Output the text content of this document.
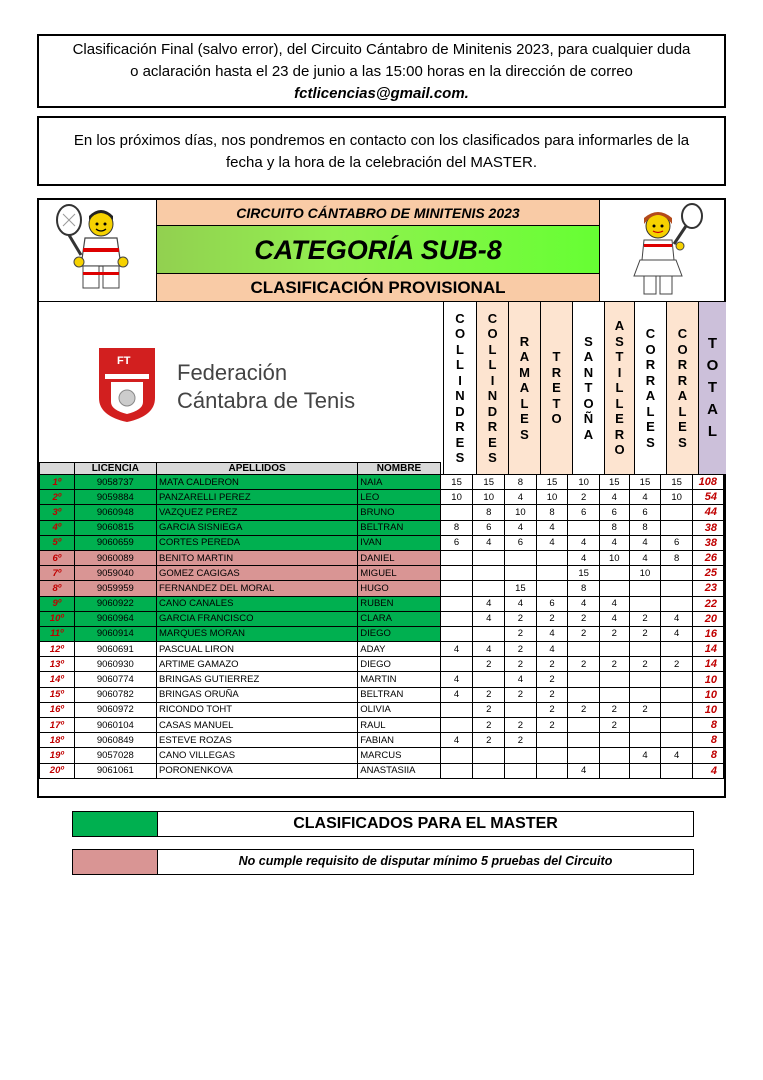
Clasificación Final (salvo error), del Circuito Cántabro de Minitenis 2023, para cualquier duda
o aclaración hasta el 23 de junio a las 15:00 horas en la dirección de correo
fctlicencias@gmail.com.
En los próximos días, nos pondremos en contacto con los clasificados para informarles de la
fecha y la hora de la celebración del MASTER.
CIRCUITO CÁNTABRO DE MINITENIS 2023
CATEGORÍA SUB-8
CLASIFICACIÓN PROVISIONAL
FT Federación
Cántabra de Tenis
C
O
L
L
I
N
D
R
E
S
C
O
L
L
I
N
D
R
E
S
R
A
M
A
L
E
S
T
R
E
T
O
S
A
N
T
O
Ñ
A
A
S
T
I
L
L
E
R
O
C
O
R
R
A
L
E
S
C
O
R
R
A
L
E
S
T
O
T
A
L
	LICENCIA	APELLIDOS	NOMBRE									
1º	9058737	MATA CALDERON	NAIA	15	15	8	15	10	15	15	15	108
2º	9059884	PANZARELLI PEREZ	LEO	10	10	4	10	2	4	4	10	54
3º	9060948	VAZQUEZ PEREZ	BRUNO		8	10	8	6	6	6		44
4º	9060815	GARCIA SISNIEGA	BELTRAN	8	6	4	4		8	8		38
5º	9060659	CORTES PEREDA	IVAN	6	4	6	4	4	4	4	6	38
6º	9060089	BENITO MARTIN	DANIEL					4	10	4	8	26
7º	9059040	GOMEZ CAGIGAS	MIGUEL					15		10		25
8º	9059959	FERNANDEZ DEL MORAL	HUGO			15		8				23
9º	9060922	CANO CANALES	RUBEN		4	4	6	4	4			22
10º	9060964	GARCIA FRANCISCO	CLARA		4	2	2	2	4	2	4	20
11º	9060914	MARQUES MORAN	DIEGO			2	4	2	2	2	4	16
12º	9060691	PASCUAL LIRON	ADAY	4	4	2	4					14
13º	9060930	ARTIME GAMAZO	DIEGO		2	2	2	2	2	2	2	14
14º	9060774	BRINGAS GUTIERREZ	MARTIN	4		4	2					10
15º	9060782	BRINGAS ORUÑA	BELTRAN	4	2	2	2					10
16º	9060972	RICONDO TOHT	OLIVIA		2		2	2	2	2		10
17º	9060104	CASAS MANUEL	RAUL		2	2	2		2			8
18º	9060849	ESTEVE ROZAS	FABIAN	4	2	2						8
19º	9057028	CANO VILLEGAS	MARCUS							4	4	8
20º	9061061	PORONENKOVA	ANASTASIIA					4				4
CLASIFICADOS PARA EL MASTER
No cumple requisito de disputar mínimo 5 pruebas del Circuito
